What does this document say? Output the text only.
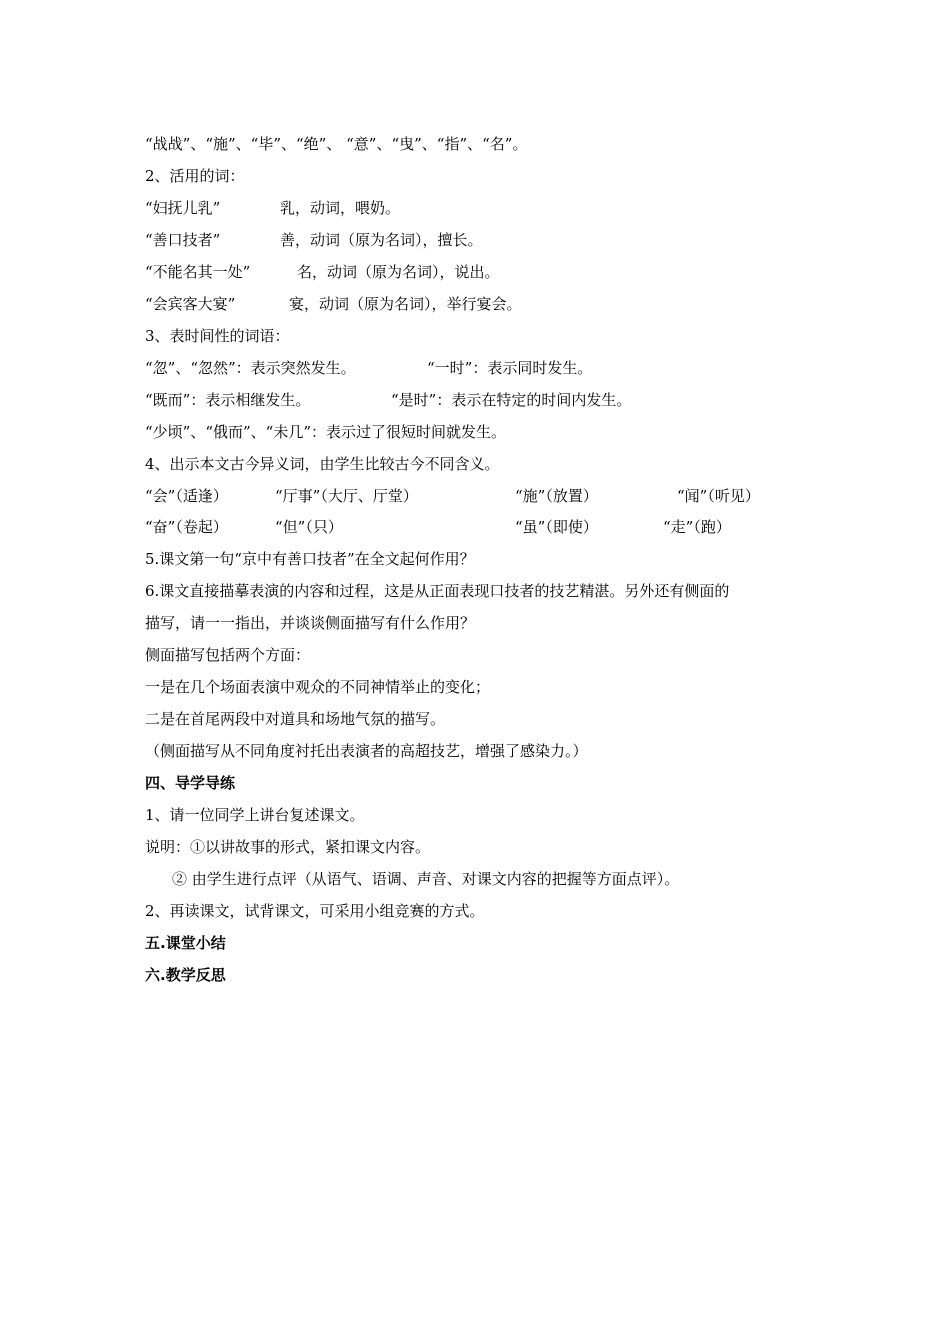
“战战”、“施”、“毕”、“绝”、 “意”、“曳”、“指”、“名”。
2、活用的词：

“妇抚儿乳”

	乳，动词，喂奶。

“善口技者”

	善，动词（原为名词），擅长。

“不能名其一处”

	名，动词（原为名词），说出。

“会宾客大宴”

	宴，动词（原为名词），举行宴会。

3、表时间性的词语：

“忽”、“忽然”：表示突然发生。

	“一时”：表示同时发生。

“既而”：表示相继发生。

	“是时”：表示在特定的时间内发生。

“少顷”、“俄而”、“未几”：表示过了很短时间就发生。
4、出示本文古今异义词，由学生比较古今不同含义。

“会”（适逢）

	“厅事”（大厅、厅堂）

	“施”（放置）

	“闻”（听见）

“奋”（卷起）

	“但”（只）

	“虽”（即使）

	“走”（跑）

5.课文第一句“京中有善口技者”在全文起何作用？
6.课文直接描摹表演的内容和过程，这是从正面表现口技者的技艺精湛。另外还有侧面的
描写，请一一指出，并谈谈侧面描写有什么作用？
侧面描写包括两个方面：
一是在几个场面表演中观众的不同神情举止的变化；
二是在首尾两段中对道具和场地气氛的描写。
（侧面描写从不同角度衬托出表演者的高超技艺，增强了感染力。）
四、导学导练
1、请一位同学上讲台复述课文。
说明：①以讲故事的形式，紧扣课文内容。
② 由学生进行点评（从语气、语调、声音、对课文内容的把握等方面点评）。
2、再读课文，试背课文，可采用小组竞赛的方式。
五.课堂小结
六.教学反思
